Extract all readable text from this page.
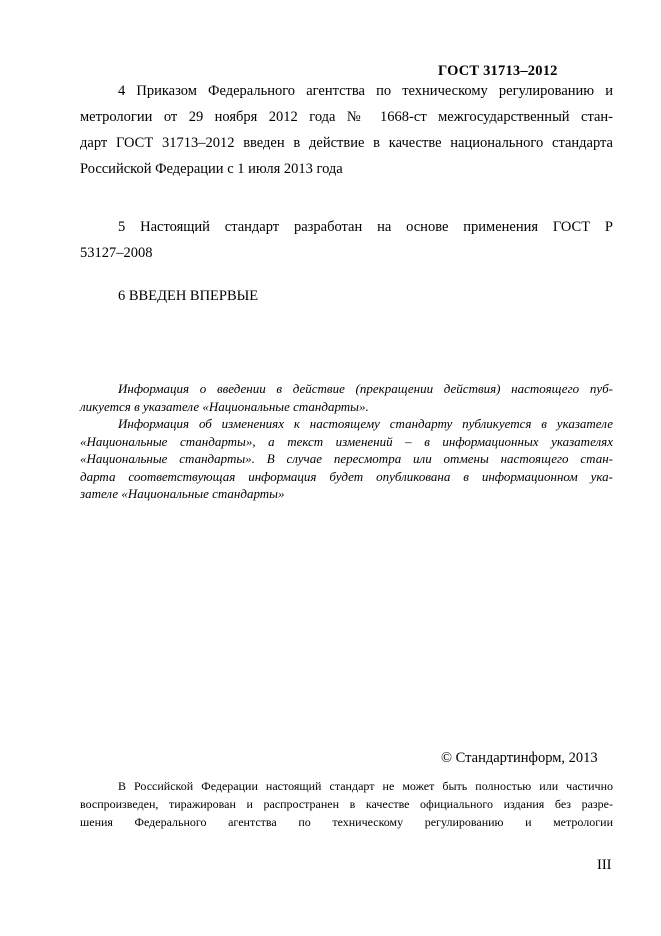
ГОСТ 31713–2012
4 Приказом Федерального агентства по техническому регулированию и
метрологии от 29 ноября 2012 года № 1668-ст межгосударственный стан-
дарт ГОСТ 31713–2012 введен в действие в качестве национального стандарта
Российской Федерации с 1 июля 2013 года
5 Настоящий стандарт разработан на основе применения ГОСТ Р
53127–2008
6 ВВЕДЕН ВПЕРВЫЕ
Информация о введении в действие (прекращении действия) настоящего пуб-
ликуется в указателе «Национальные стандарты».
Информация об изменениях к настоящему стандарту публикуется в указателе
«Национальные стандарты», а текст изменений – в информационных указателях
«Национальные стандарты». В случае пересмотра или отмены настоящего стан-
дарта соответствующая информация будет опубликована в информационном ука-
зателе «Национальные стандарты»
© Стандартинформ, 2013
В Российской Федерации настоящий стандарт не может быть полностью или частично
воспроизведен, тиражирован и распространен в качестве официального издания без разре-
шения Федерального агентства по техническому регулированию и метрологии
III
